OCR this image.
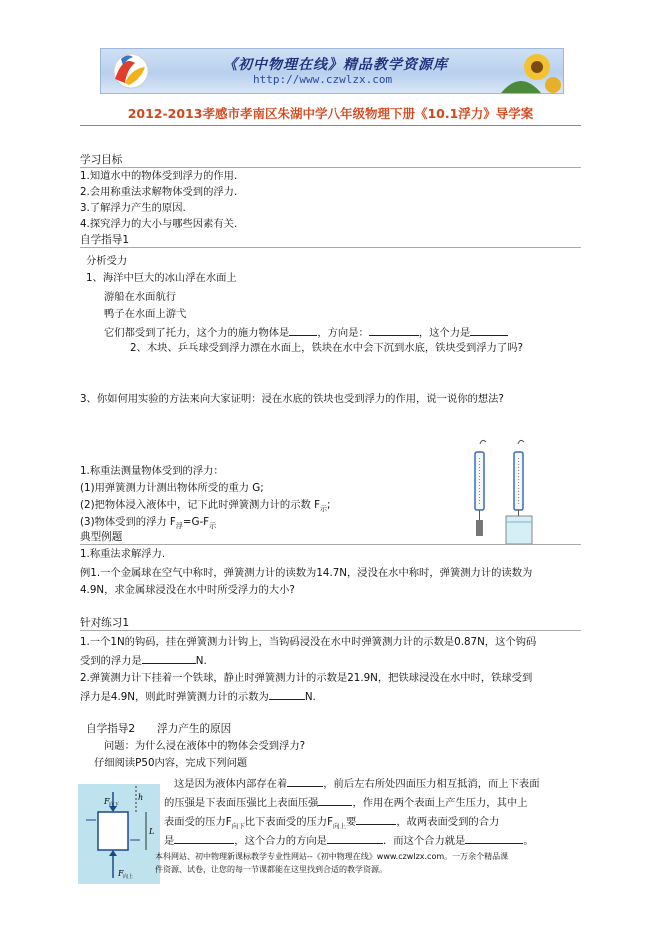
《初中物理在线》精品教学资源库
http://www.czwlzx.com
2012-2013孝感市孝南区朱湖中学八年级物理下册《10.1浮力》导学案
学习目标
1.知道水中的物体受到浮力的作用.
2.会用称重法求解物体受到的浮力.
3.了解浮力产生的原因.
4.探究浮力的大小与哪些因素有关.
自学指导1
分析受力
1、海洋中巨大的冰山浮在水面上
游船在水面航行
鸭子在水面上游弋
它们都受到了托力，这个力的施力物体是	，方向是：	，这个力是
2、木块、乒乓球受到浮力漂在水面上，铁块在水中会下沉到水底，铁块受到浮力了吗?
3、你如何用实验的方法来向大家证明：浸在水底的铁块也受到浮力的作用，说一说你的想法?
1.称重法测量物体受到的浮力：
(1)用弹簧测力计测出物体所受的重力 G;
(2)把物体浸入液体中，记下此时弹簧测力计的示数 $F_示$;
(3)物体受到的浮力 $F_浮=G-F_示$
典型例题
1.称重法求解浮力.
例1.一个金属球在空气中称时，弹簧测力计的读数为14.7N，浸没在水中称时，弹簧测力计的读数为
4.9N，求金属球浸没在水中时所受浮力的大小?
针对练习1
1.一个1N的钩码，挂在弹簧测力计钩上，当钩码浸没在水中时弹簧测力计的示数是0.87N，这个钩码
受到的浮力是	N.
2.弹簧测力计下挂着一个铁球，静止时弹簧测力计的示数是21.9N，把铁球浸没在水中时，铁球受到
浮力是4.9N，则此时弹簧测力计的示数为	N.
自学指导2 浮力产生的原因
问题：为什么浸在液体中的物体会受到浮力?
仔细阅读P50内容，完成下列问题
F 向下
F 向上
h
L
这是因为液体内部存在着	，前后左右所处四面压力相互抵消，而上下表面
的压强是下表面压强比上表面压强	，作用在两个表面上产生压力，其中上
表面受的压力$F_{向下}$比下表面受的压力$F_{向上}$要	，故两表面受到的合力
是	，这个合力的方向是	．而这个合力就是	。
本科网站、初中物理新课标教学专业性网站--《初中物理在线》www.czwlzx.com。一万余个精品课
件资源、试卷，让您的每一节课都能在这里找到合适的教学资源。
